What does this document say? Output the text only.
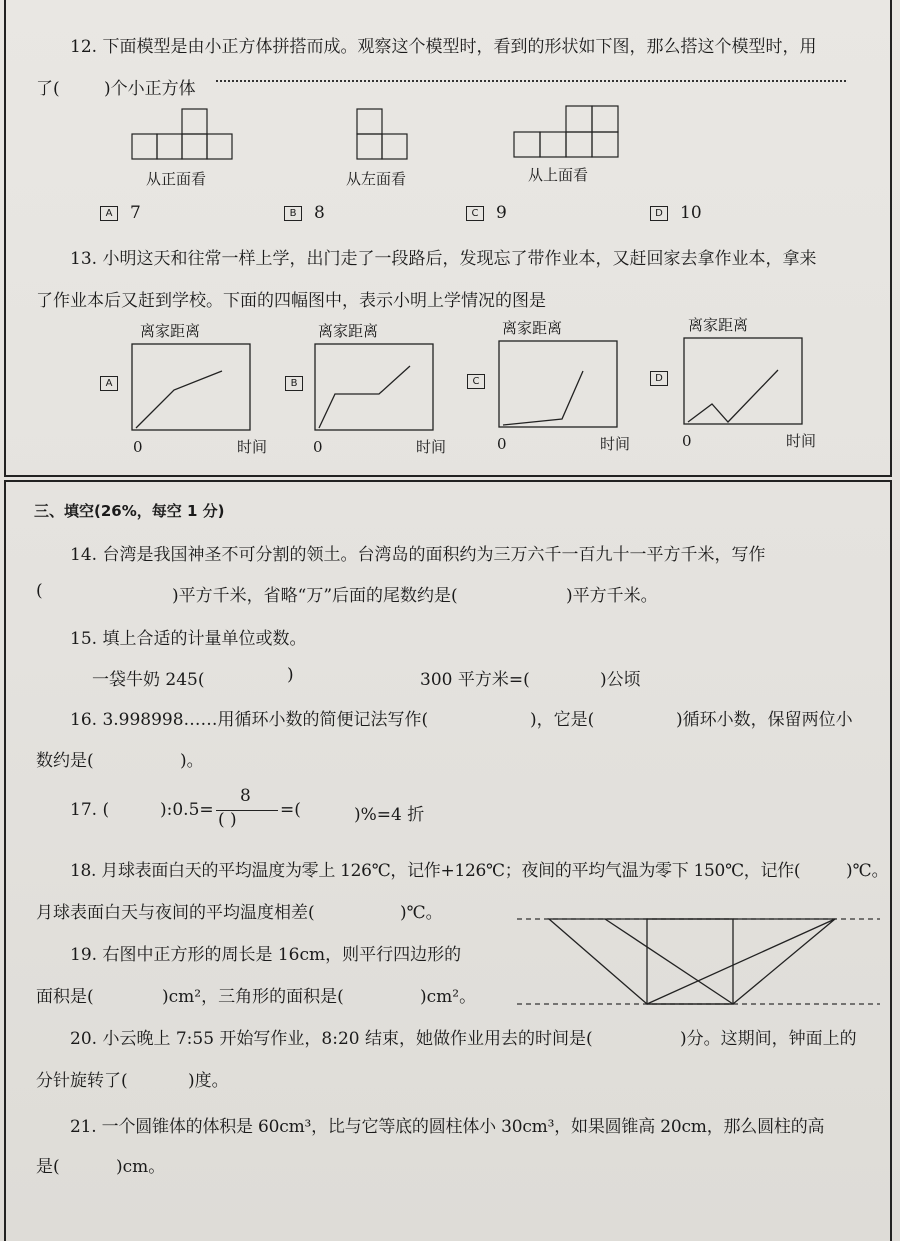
12. 下面模型是由小正方体拼搭而成。观察这个模型时，看到的形状如下图，那么搭这个模型时，用
了(	)个小正方体
从正面看	从左面看	从上面看
A 7	B 8	C 9	D 10
13. 小明这天和往常一样上学，出门走了一段路后，发现忘了带作业本，又赶回家去拿作业本，拿来
了作业本后又赶到学校。下面的四幅图中，表示小明上学情况的图是
离家距离
A
0	时间
离家距离
B
0	时间
离家距离
C
0	时间
离家距离
D
0	时间
三、填空(26%，每空 1 分)
14. 台湾是我国神圣不可分割的领土。台湾岛的面积约为三万六千一百九十一平方千米，写作
(	)平方千米，省略“万”后面的尾数约是(	)平方千米。
15. 填上合适的计量单位或数。
一袋牛奶 245(	)	300 平方米=(	)公顷
16. 3.998998……用循环小数的简便记法写作(	)，它是(	)循环小数，保留两位小
数约是(	)。
17. (	):0.5=
8
( )	=(	)%=4 折
18. 月球表面白天的平均温度为零上 126℃，记作+126℃；夜间的平均气温为零下 150℃，记作(	)℃。
月球表面白天与夜间的平均温度相差(	)℃。
19. 右图中正方形的周长是 16cm，则平行四边形的
面积是(	)cm²，三角形的面积是(	)cm²。
20. 小云晚上 7:55 开始写作业，8:20 结束，她做作业用去的时间是(	)分。这期间，钟面上的
分针旋转了(	)度。
21. 一个圆锥体的体积是 60cm³，比与它等底的圆柱体小 30cm³，如果圆锥高 20cm，那么圆柱的高
是(	)cm。
